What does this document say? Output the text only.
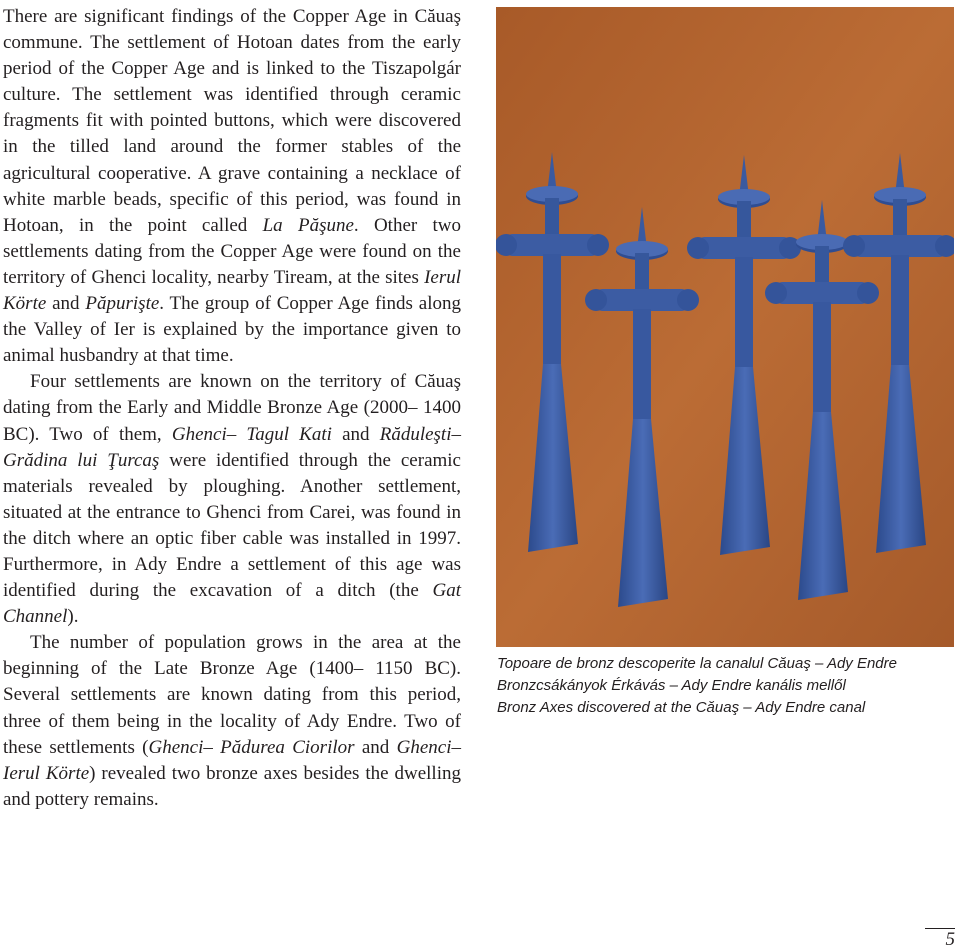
There are significant findings of the Copper Age in Căuaş commune. The settlement of Hotoan dates from the early period of the Copper Age and is linked to the Tiszapolgár culture. The settlement was identified through ceramic fragments fit with pointed buttons, which were discovered in the tilled land around the former stables of the agricultural cooperative. A grave containing a necklace of white marble beads, specific of this period, was found in Hotoan, in the point called La Păşune. Other two settlements dating from the Copper Age were found on the territory of Ghenci locality, nearby Tiream, at the sites Ierul Körte and Păpurişte. The group of Copper Age finds along the Valley of Ier is explained by the importance given to animal husbandry at that time.

Four settlements are known on the territory of Căuaş dating from the Early and Middle Bronze Age (2000– 1400 BC). Two of them, Ghenci– Tagul Kati and Răduleşti– Grădina lui Ţurcaş were identified through the ceramic materials revealed by ploughing. Another settlement, situated at the entrance to Ghenci from Carei, was found in the ditch where an optic fiber cable was installed in 1997. Furthermore, in Ady Endre a settlement of this age was identified during the excavation of a ditch (the Gat Channel).

The number of population grows in the area at the beginning of the Late Bronze Age (1400– 1150 BC). Several settlements are known dating from this period, three of them being in the locality of Ady Endre. Two of these settlements (Ghenci– Pădurea Ciorilor and Ghenci– Ierul Körte) revealed two bronze axes besides the dwelling and pottery remains.

Topoare de bronz descoperite la canalul Căuaş – Ady Endre
Bronzcsákányok Érkávás – Ady Endre kanális mellől
Bronz Axes discovered at the Căuaş – Ady Endre canal
5
